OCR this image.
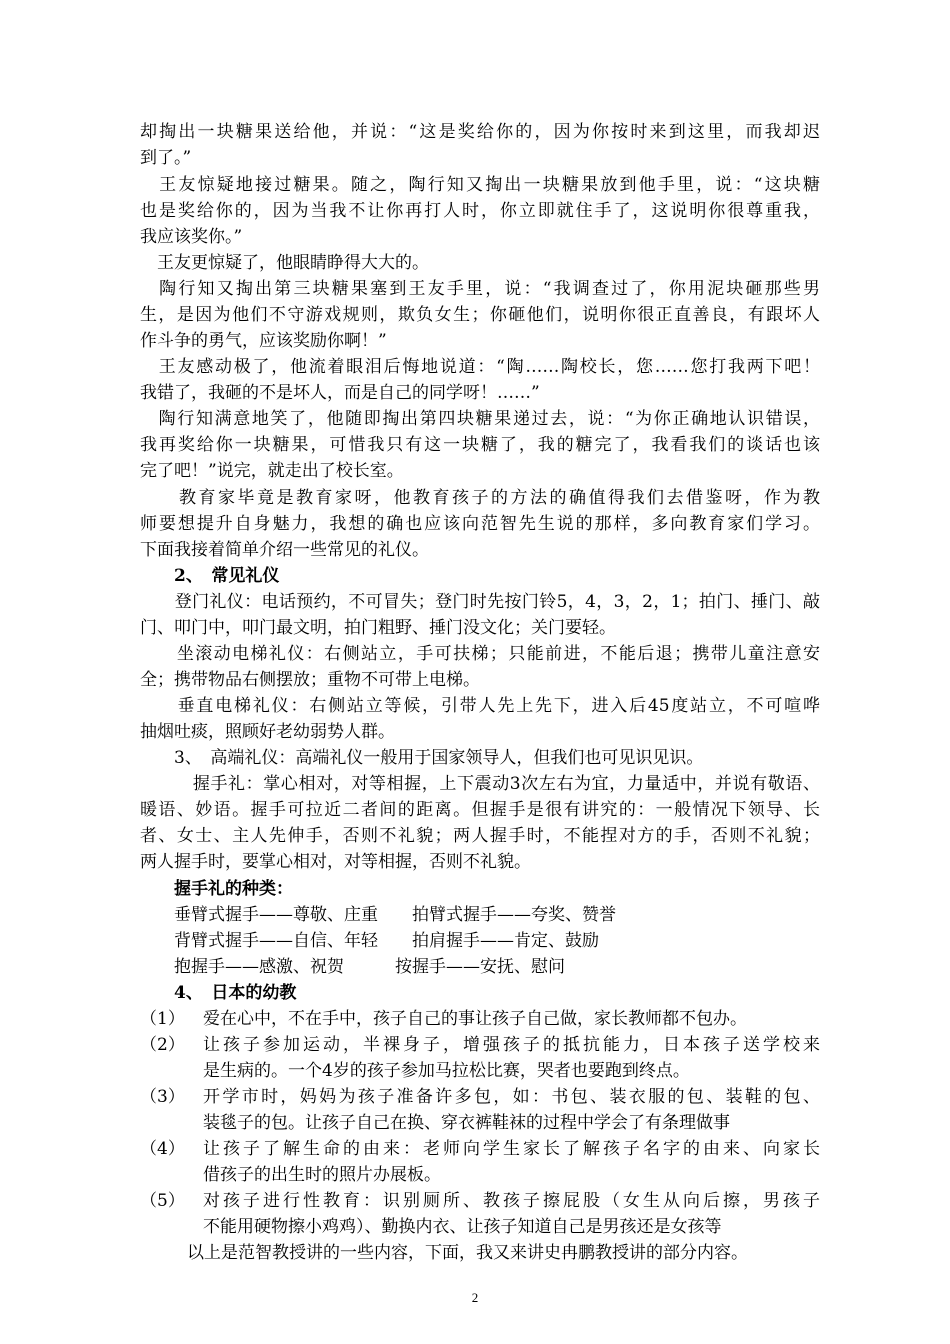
却掏出一块糖果送给他，并说：“这是奖给你的，因为你按时来到这里，而我却迟
到了。”
　王友惊疑地接过糖果。随之，陶行知又掏出一块糖果放到他手里，说：“这块糖
也是奖给你的，因为当我不让你再打人时，你立即就住手了，这说明你很尊重我，
我应该奖你。”
　王友更惊疑了，他眼睛睁得大大的。
　陶行知又掏出第三块糖果塞到王友手里，说：“我调查过了，你用泥块砸那些男
生，是因为他们不守游戏规则，欺负女生；你砸他们，说明你很正直善良，有跟坏人
作斗争的勇气，应该奖励你啊！”
　王友感动极了，他流着眼泪后悔地说道：“陶……陶校长，您……您打我两下吧！
我错了，我砸的不是坏人，而是自己的同学呀！……”
　陶行知满意地笑了，他随即掏出第四块糖果递过去，说：“为你正确地认识错误，
我再奖给你一块糖果，可惜我只有这一块糖了，我的糖完了，我看我们的谈话也该
完了吧！”说完，就走出了校长室。
　　教育家毕竟是教育家呀，他教育孩子的方法的确值得我们去借鉴呀，作为教
师要想提升自身魅力，我想的确也应该向范智先生说的那样，多向教育家们学习。
下面我接着简单介绍一些常见的礼仪。
　　2、　常见礼仪
　　登门礼仪：电话预约，不可冒失；登门时先按门铃5，4，3，2，1；拍门、捶门、敲
门、叩门中，叩门最文明，拍门粗野、捶门没文化；关门要轻。
　　坐滚动电梯礼仪：右侧站立，手可扶梯；只能前进，不能后退；携带儿童注意安
全；携带物品右侧摆放；重物不可带上电梯。
　　垂直电梯礼仪：右侧站立等候，引带人先上先下，进入后45度站立，不可喧哗
抽烟吐痰，照顾好老幼弱势人群。
　　3、　高端礼仪：高端礼仪一般用于国家领导人，但我们也可见识见识。
　　　握手礼：掌心相对，对等相握，上下震动3次左右为宜，力量适中，并说有敬语、
暖语、妙语。握手可拉近二者间的距离。但握手是很有讲究的：一般情况下领导、长
者、女士、主人先伸手，否则不礼貌；两人握手时，不能捏对方的手，否则不礼貌；
两人握手时，要掌心相对，对等相握，否则不礼貌。
　　握手礼的种类：
　　垂臂式握手——尊敬、庄重　　拍臂式握手——夸奖、赞誉
　　背臂式握手——自信、年轻　　拍肩握手——肯定、鼓励
　　抱握手——感激、祝贺　　　按握手——安抚、慰问
　　4、　日本的幼教
（1）	爱在心中，不在手中，孩子自己的事让孩子自己做，家长教师都不包办。
（2）	让孩子参加运动，半裸身子，增强孩子的抵抗能力，日本孩子送学校来
是生病的。一个4岁的孩子参加马拉松比赛，哭者也要跑到终点。
（3）	开学市时，妈妈为孩子准备许多包，如：书包、装衣服的包、装鞋的包、
装毯子的包。让孩子自己在换、穿衣裤鞋袜的过程中学会了有条理做事
（4）	让孩子了解生命的由来：老师向学生家长了解孩子名字的由来、向家长
借孩子的出生时的照片办展板。
（5）	对孩子进行性教育：识别厕所、教孩子擦屁股（女生从向后擦，男孩子
不能用硬物擦小鸡鸡）、勤换内衣、让孩子知道自己是男孩还是女孩等
　以上是范智教授讲的一些内容，下面，我又来讲史冉鹏教授讲的部分内容。
2
